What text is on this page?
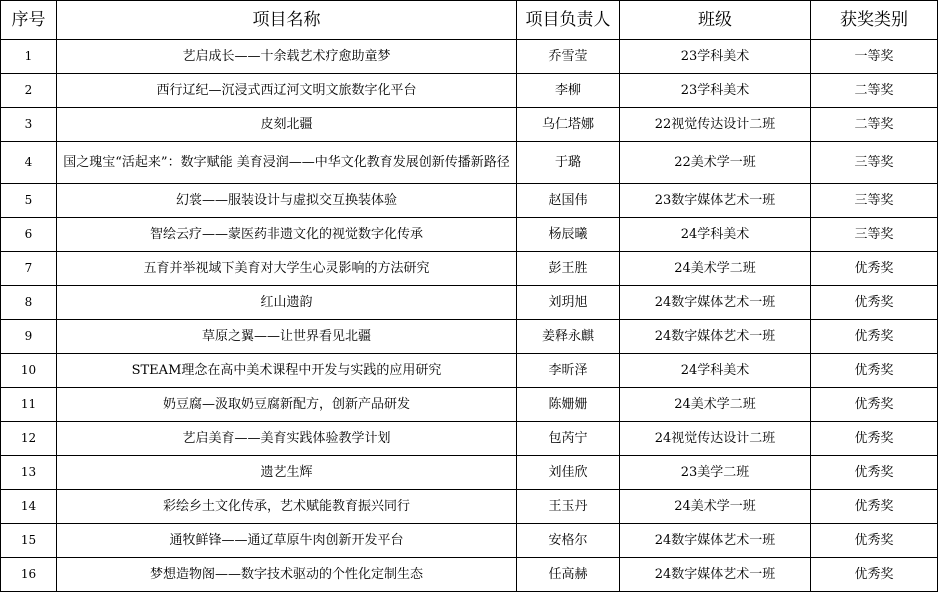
序号	项目名称	项目负责人	班级	获奖类别
1	艺启成长——十余载艺术疗愈助童梦	乔雪莹	23学科美术	一等奖
2	西行辽纪—沉浸式西辽河文明文旅数字化平台	李柳	23学科美术	二等奖
3	皮刻北疆	乌仁塔娜	22视觉传达设计二班	二等奖
4	国之瑰宝“活起来”：数字赋能 美育浸润——中华文化教育发展创新传播新路径	于璐	22美术学一班	三等奖
5	幻裳——服装设计与虚拟交互换装体验	赵国伟	23数字媒体艺术一班	三等奖
6	智绘云疗——蒙医药非遗文化的视觉数字化传承	杨辰曦	24学科美术	三等奖
7	五育并举视域下美育对大学生心灵影响的方法研究	彭王胜	24美术学二班	优秀奖
8	红山遗韵	刘玥旭	24数字媒体艺术一班	优秀奖
9	草原之翼——让世界看见北疆	姜释永麒	24数字媒体艺术一班	优秀奖
10	STEAM理念在高中美术课程中开发与实践的应用研究	李昕泽	24学科美术	优秀奖
11	奶豆腐—汲取奶豆腐新配方，创新产品研发	陈姗姗	24美术学二班	优秀奖
12	艺启美育——美育实践体验教学计划	包芮宁	24视觉传达设计二班	优秀奖
13	遗艺生辉	刘佳欣	23美学二班	优秀奖
14	彩绘乡土文化传承，艺术赋能教育振兴同行	王玉丹	24美术学一班	优秀奖
15	通牧鲜锋——通辽草原牛肉创新开发平台	安格尔	24数字媒体艺术一班	优秀奖
16	梦想造物阁——数字技术驱动的个性化定制生态	任高赫	24数字媒体艺术一班	优秀奖
